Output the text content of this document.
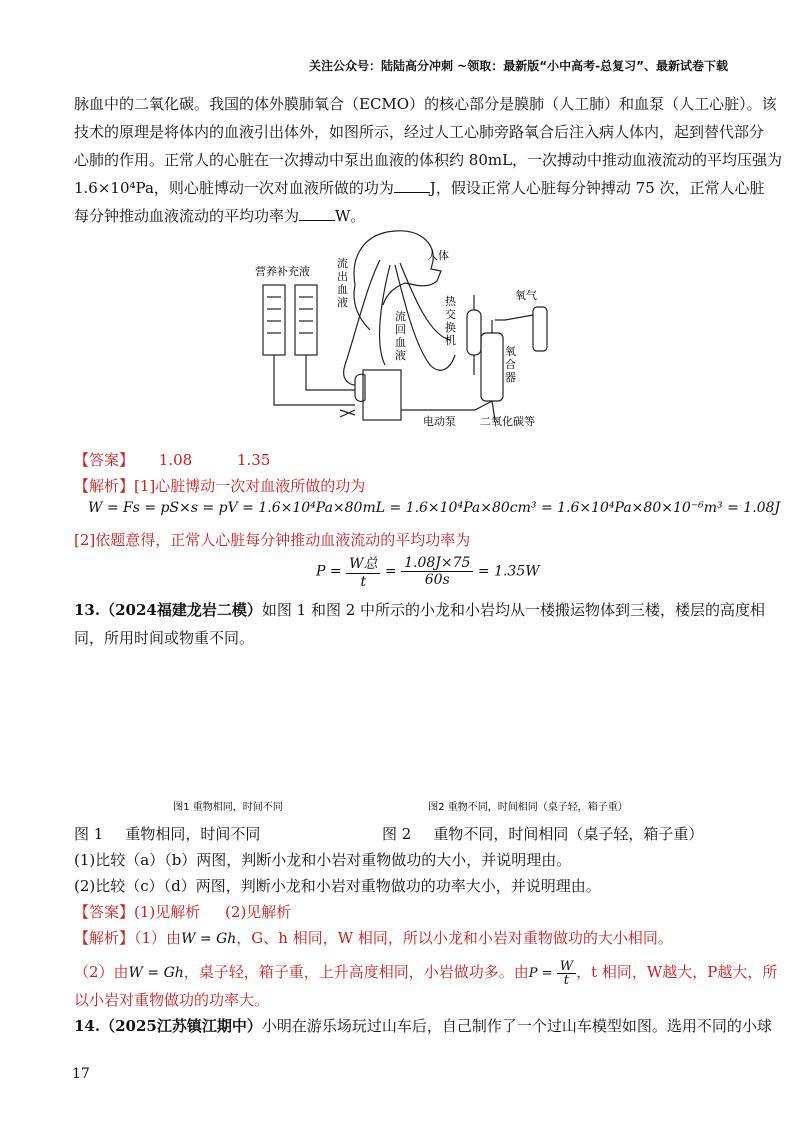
关注公众号：陆陆高分冲刺 ~领取：最新版“小中高考-总复习”、最新试卷下载
脉血中的二氧化碳。我国的体外膜肺氧合（ECMO）的核心部分是膜肺（人工肺）和血泵（人工心脏）。该
技术的原理是将体内的血液引出体外，如图所示，经过人工心肺旁路氧合后注入病人体内，起到替代部分
心肺的作用。正常人的心脏在一次搏动中泵出血液的体积约 80mL，一次搏动中推动血液流动的平均压强为
1.6×10⁴Pa，则心脏博动一次对血液所做的功为 J，假设正常人心脏每分钟搏动 75 次，正常人心脏
每分钟推动血液流动的平均功率为 W。
营养补充液
人体
氧气
电动泵 二氧化碳等
流出血液
流回血液
热交换机
氧合器
【答案】 1.08	1.35
【解析】[1]心脏博动一次对血液所做的功为
W = Fs = pS×s = pV = 1.6×10⁴Pa×80mL = 1.6×10⁴Pa×80cm³ = 1.6×10⁴Pa×80×10⁻⁶m³ = 1.08J
[2]依题意得，正常人心脏每分钟推动血液流动的平均功率为
$P = \frac{\text{W总}}{t} = \frac{1.08J\times 75}{60s} = 1.35W$
13.（2024福建龙岩二模）如图 1 和图 2 中所示的小龙和小岩均从一楼搬运物体到三楼，楼层的高度相
同，所用时间或物重不同。
图1 重物相同，时间不同	图2 重物不同，时间相同（桌子轻，箱子重）
图 1 重物相同，时间不同	图 2 重物不同，时间相同（桌子轻，箱子重）
(1)比较（a）（b）两图，判断小龙和小岩对重物做功的大小，并说明理由。
(2)比较（c）（d）两图，判断小龙和小岩对重物做功的功率大小，并说明理由。
【答案】(1)见解析 (2)见解析
【解析】（1）由W = Gh，G、h 相同，W 相同，所以小龙和小岩对重物做功的大小相同。
（2）由W = Gh，桌子轻，箱子重，上升高度相同，小岩做功多。由$P = \frac{W}{t}$ ，t 相同，W越大，P越大，所
以小岩对重物做功的功率大。
14.（2025江苏镇江期中）小明在游乐场玩过山车后，自己制作了一个过山车模型如图。选用不同的小球
17
